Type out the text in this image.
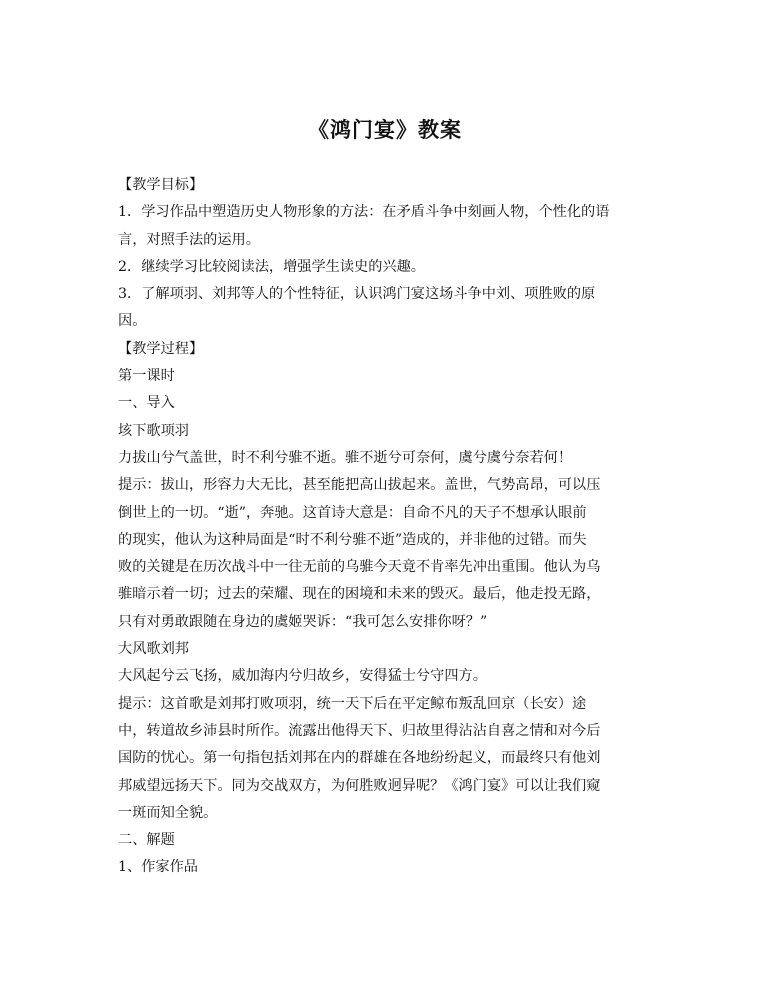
《鸿门宴》教案

【教学目标】

1．学习作品中塑造历史人物形象的方法：在矛盾斗争中刻画人物，个性化的语

言，对照手法的运用。

2．继续学习比较阅读法，增强学生读史的兴趣。

3．了解项羽、刘邦等人的个性特征，认识鸿门宴这场斗争中刘、项胜败的原

因。

【教学过程】

第一课时

一、导入

垓下歌项羽

力拔山兮气盖世，时不利兮骓不逝。骓不逝兮可奈何，虞兮虞兮奈若何！

提示：拔山，形容力大无比，甚至能把高山拔起来。盖世，气势高昂，可以压

倒世上的一切。“逝”，奔驰。这首诗大意是：自命不凡的天子不想承认眼前

的现实，他认为这种局面是“时不利兮骓不逝”造成的，并非他的过错。而失

败的关键是在历次战斗中一往无前的乌骓今天竟不肯率先冲出重围。他认为乌

骓暗示着一切；过去的荣耀、现在的困境和未来的毁灭。最后，他走投无路，

只有对勇敢跟随在身边的虞姬哭诉：“我可怎么安排你呀？”

大风歌刘邦

大风起兮云飞扬，威加海内兮归故乡，安得猛士兮守四方。

提示：这首歌是刘邦打败项羽，统一天下后在平定鲸布叛乱回京（长安）途

中，转道故乡沛县时所作。流露出他得天下、归故里得沾沾自喜之情和对今后

国防的忧心。第一句指包括刘邦在内的群雄在各地纷纷起义，而最终只有他刘

邦威望远扬天下。同为交战双方，为何胜败迥异呢？《鸿门宴》可以让我们窥

一斑而知全貌。

二、解题

1、作家作品
